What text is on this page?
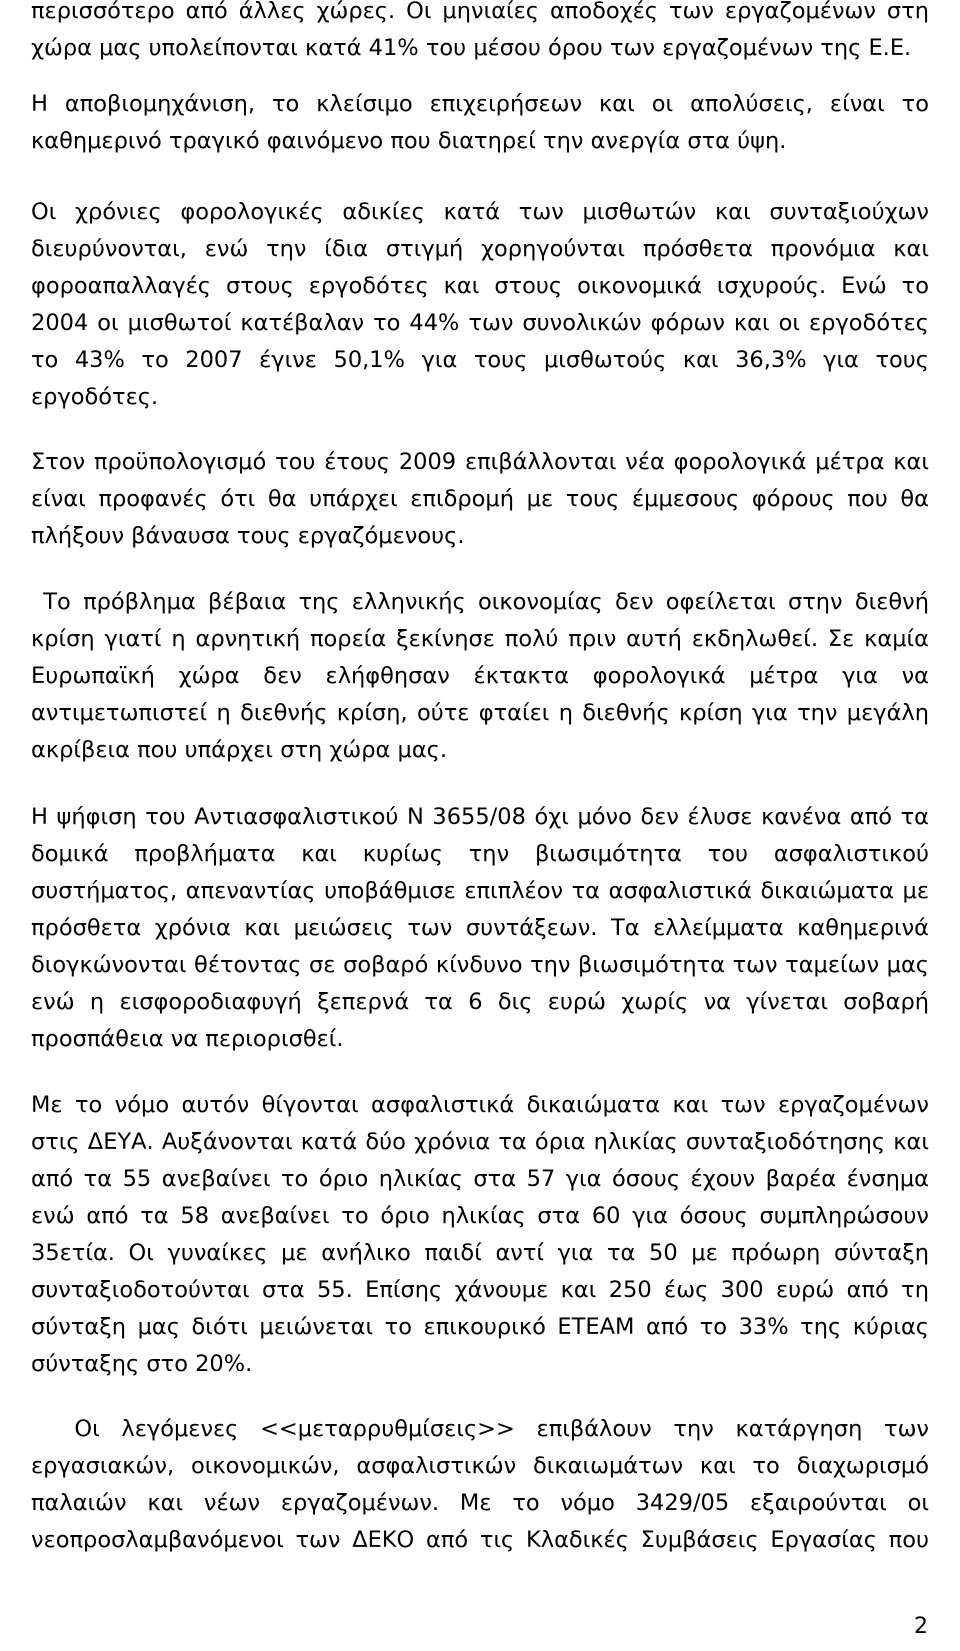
περισσότερο από άλλες χώρες. Οι μηνιαίες αποδοχές των εργαζομένων στη χώρα μας υπολείπονται κατά 41% του μέσου όρου των εργαζομένων της Ε.Ε.

Η αποβιομηχάνιση, το κλείσιμο επιχειρήσεων και οι απολύσεις, είναι το καθημερινό τραγικό φαινόμενο που διατηρεί την ανεργία στα ύψη.

Οι χρόνιες φορολογικές αδικίες κατά των μισθωτών και συνταξιούχων διευρύνονται, ενώ την ίδια στιγμή χορηγούνται πρόσθετα προνόμια και φοροαπαλλαγές στους εργοδότες και στους οικονομικά ισχυρούς. Ενώ το 2004 οι μισθωτοί κατέβαλαν το 44% των συνολικών φόρων και οι εργοδότες το 43% το 2007 έγινε 50,1% για τους μισθωτούς και 36,3% για τους εργοδότες.

Στον προϋπολογισμό του έτους 2009 επιβάλλονται νέα φορολογικά μέτρα και είναι προφανές ότι θα υπάρχει επιδρομή με τους έμμεσους φόρους που θα πλήξουν βάναυσα τους εργαζόμενους.

Το πρόβλημα βέβαια της ελληνικής οικονομίας δεν οφείλεται στην διεθνή κρίση γιατί η αρνητική πορεία ξεκίνησε πολύ πριν αυτή εκδηλωθεί. Σε καμία Ευρωπαϊκή χώρα δεν ελήφθησαν έκτακτα φορολογικά μέτρα για να αντιμετωπιστεί η διεθνής κρίση, ούτε φταίει η διεθνής κρίση για την μεγάλη ακρίβεια που υπάρχει στη χώρα μας.

Η ψήφιση του Αντιασφαλιστικού Ν 3655/08 όχι μόνο δεν έλυσε κανένα από τα δομικά προβλήματα και κυρίως την βιωσιμότητα του ασφαλιστικού συστήματος, απεναντίας υποβάθμισε επιπλέον τα ασφαλιστικά δικαιώματα με πρόσθετα χρόνια και μειώσεις των συντάξεων. Τα ελλείμματα καθημερινά διογκώνονται θέτοντας σε σοβαρό κίνδυνο την βιωσιμότητα των ταμείων μας ενώ η εισφοροδιαφυγή ξεπερνά τα 6 δις ευρώ χωρίς να γίνεται σοβαρή προσπάθεια να περιορισθεί.

Με το νόμο αυτόν θίγονται ασφαλιστικά δικαιώματα και των εργαζομένων στις ΔΕΥΑ. Αυξάνονται κατά δύο χρόνια τα όρια ηλικίας συνταξιοδότησης και από τα 55 ανεβαίνει το όριο ηλικίας στα 57 για όσους έχουν βαρέα ένσημα ενώ από τα 58 ανεβαίνει το όριο ηλικίας στα 60 για όσους συμπληρώσουν 35ετία. Οι γυναίκες με ανήλικο παιδί αντί για τα 50 με πρόωρη σύνταξη συνταξιοδοτούνται στα 55. Επίσης χάνουμε και 250 έως 300 ευρώ από τη σύνταξη μας διότι μειώνεται το επικουρικό ΕΤΕΑΜ από το 33% της κύριας σύνταξης στο 20%.

Οι λεγόμενες <<μεταρρυθμίσεις>> επιβάλουν την κατάργηση των εργασιακών, οικονομικών, ασφαλιστικών δικαιωμάτων και το διαχωρισμό παλαιών και νέων εργαζομένων. Με το νόμο 3429/05 εξαιρούνται οι νεοπροσλαμβανόμενοι των ΔΕΚΟ από τις Κλαδικές Συμβάσεις Εργασίας που

2
